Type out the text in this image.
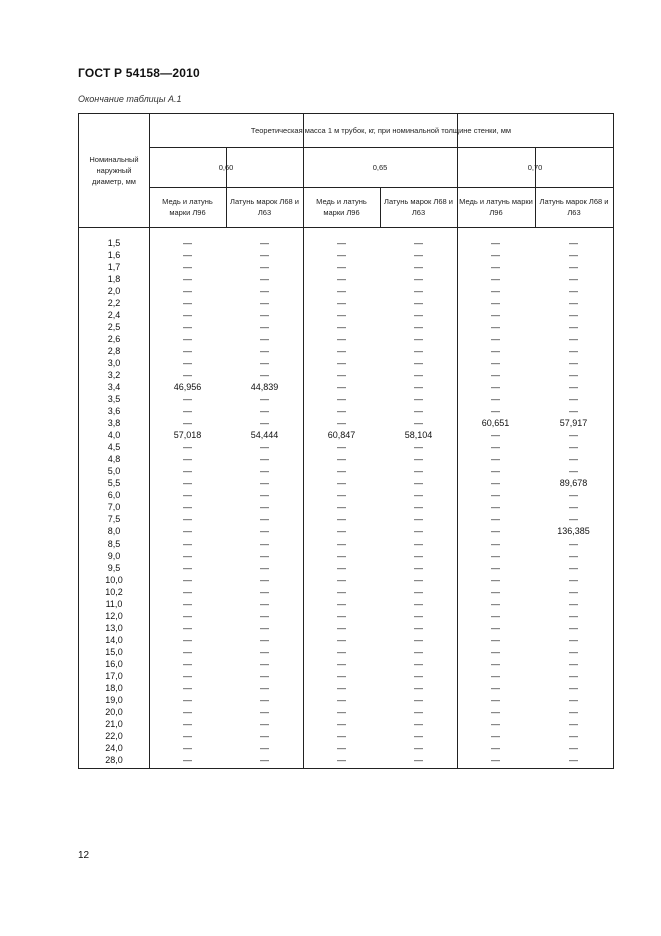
ГОСТ Р 54158—2010
Окончание таблицы А.1
Номинальный наружный диаметр, мм
Теоретическая масса 1 м трубок, кг, при номинальной толщине стенки, мм
0,60	0,65	0,70
Медь и латунь марки Л96
Латунь марок Л68 и Л63
Медь и латунь марки Л96
Латунь марок Л68 и Л63
Медь и латунь марки Л96
Латунь марок Л68 и Л63
1,5	—	—	—	—	—	—
1,6	—	—	—	—	—	—
1,7	—	—	—	—	—	—
1,8	—	—	—	—	—	—
2,0	—	—	—	—	—	—
2,2	—	—	—	—	—	—
2,4	—	—	—	—	—	—
2,5	—	—	—	—	—	—
2,6	—	—	—	—	—	—
2,8	—	—	—	—	—	—
3,0	—	—	—	—	—	—
3,2	—	—	—	—	—	—
3,4	46,956	44,839	—	—	—	—
3,5	—	—	—	—	—	—
3,6	—	—	—	—	—	—
3,8	—	—	—	—	60,651	57,917
4,0	57,018	54,444	60,847	58,104	—	—
4,5	—	—	—	—	—	—
4,8	—	—	—	—	—	—
5,0	—	—	—	—	—	—
5,5	—	—	—	—	—	89,678
6,0	—	—	—	—	—	—
7,0	—	—	—	—	—	—
7,5	—	—	—	—	—	—
8,0	—	—	—	—	—	136,385
8,5	—	—	—	—	—	—
9,0	—	—	—	—	—	—
9,5	—	—	—	—	—	—
10,0	—	—	—	—	—	—
10,2	—	—	—	—	—	—
11,0	—	—	—	—	—	—
12,0	—	—	—	—	—	—
13,0	—	—	—	—	—	—
14,0	—	—	—	—	—	—
15,0	—	—	—	—	—	—
16,0	—	—	—	—	—	—
17,0	—	—	—	—	—	—
18,0	—	—	—	—	—	—
19,0	—	—	—	—	—	—
20,0	—	—	—	—	—	—
21,0	—	—	—	—	—	—
22,0	—	—	—	—	—	—
24,0	—	—	—	—	—	—
28,0	—	—	—	—	—	—
12
